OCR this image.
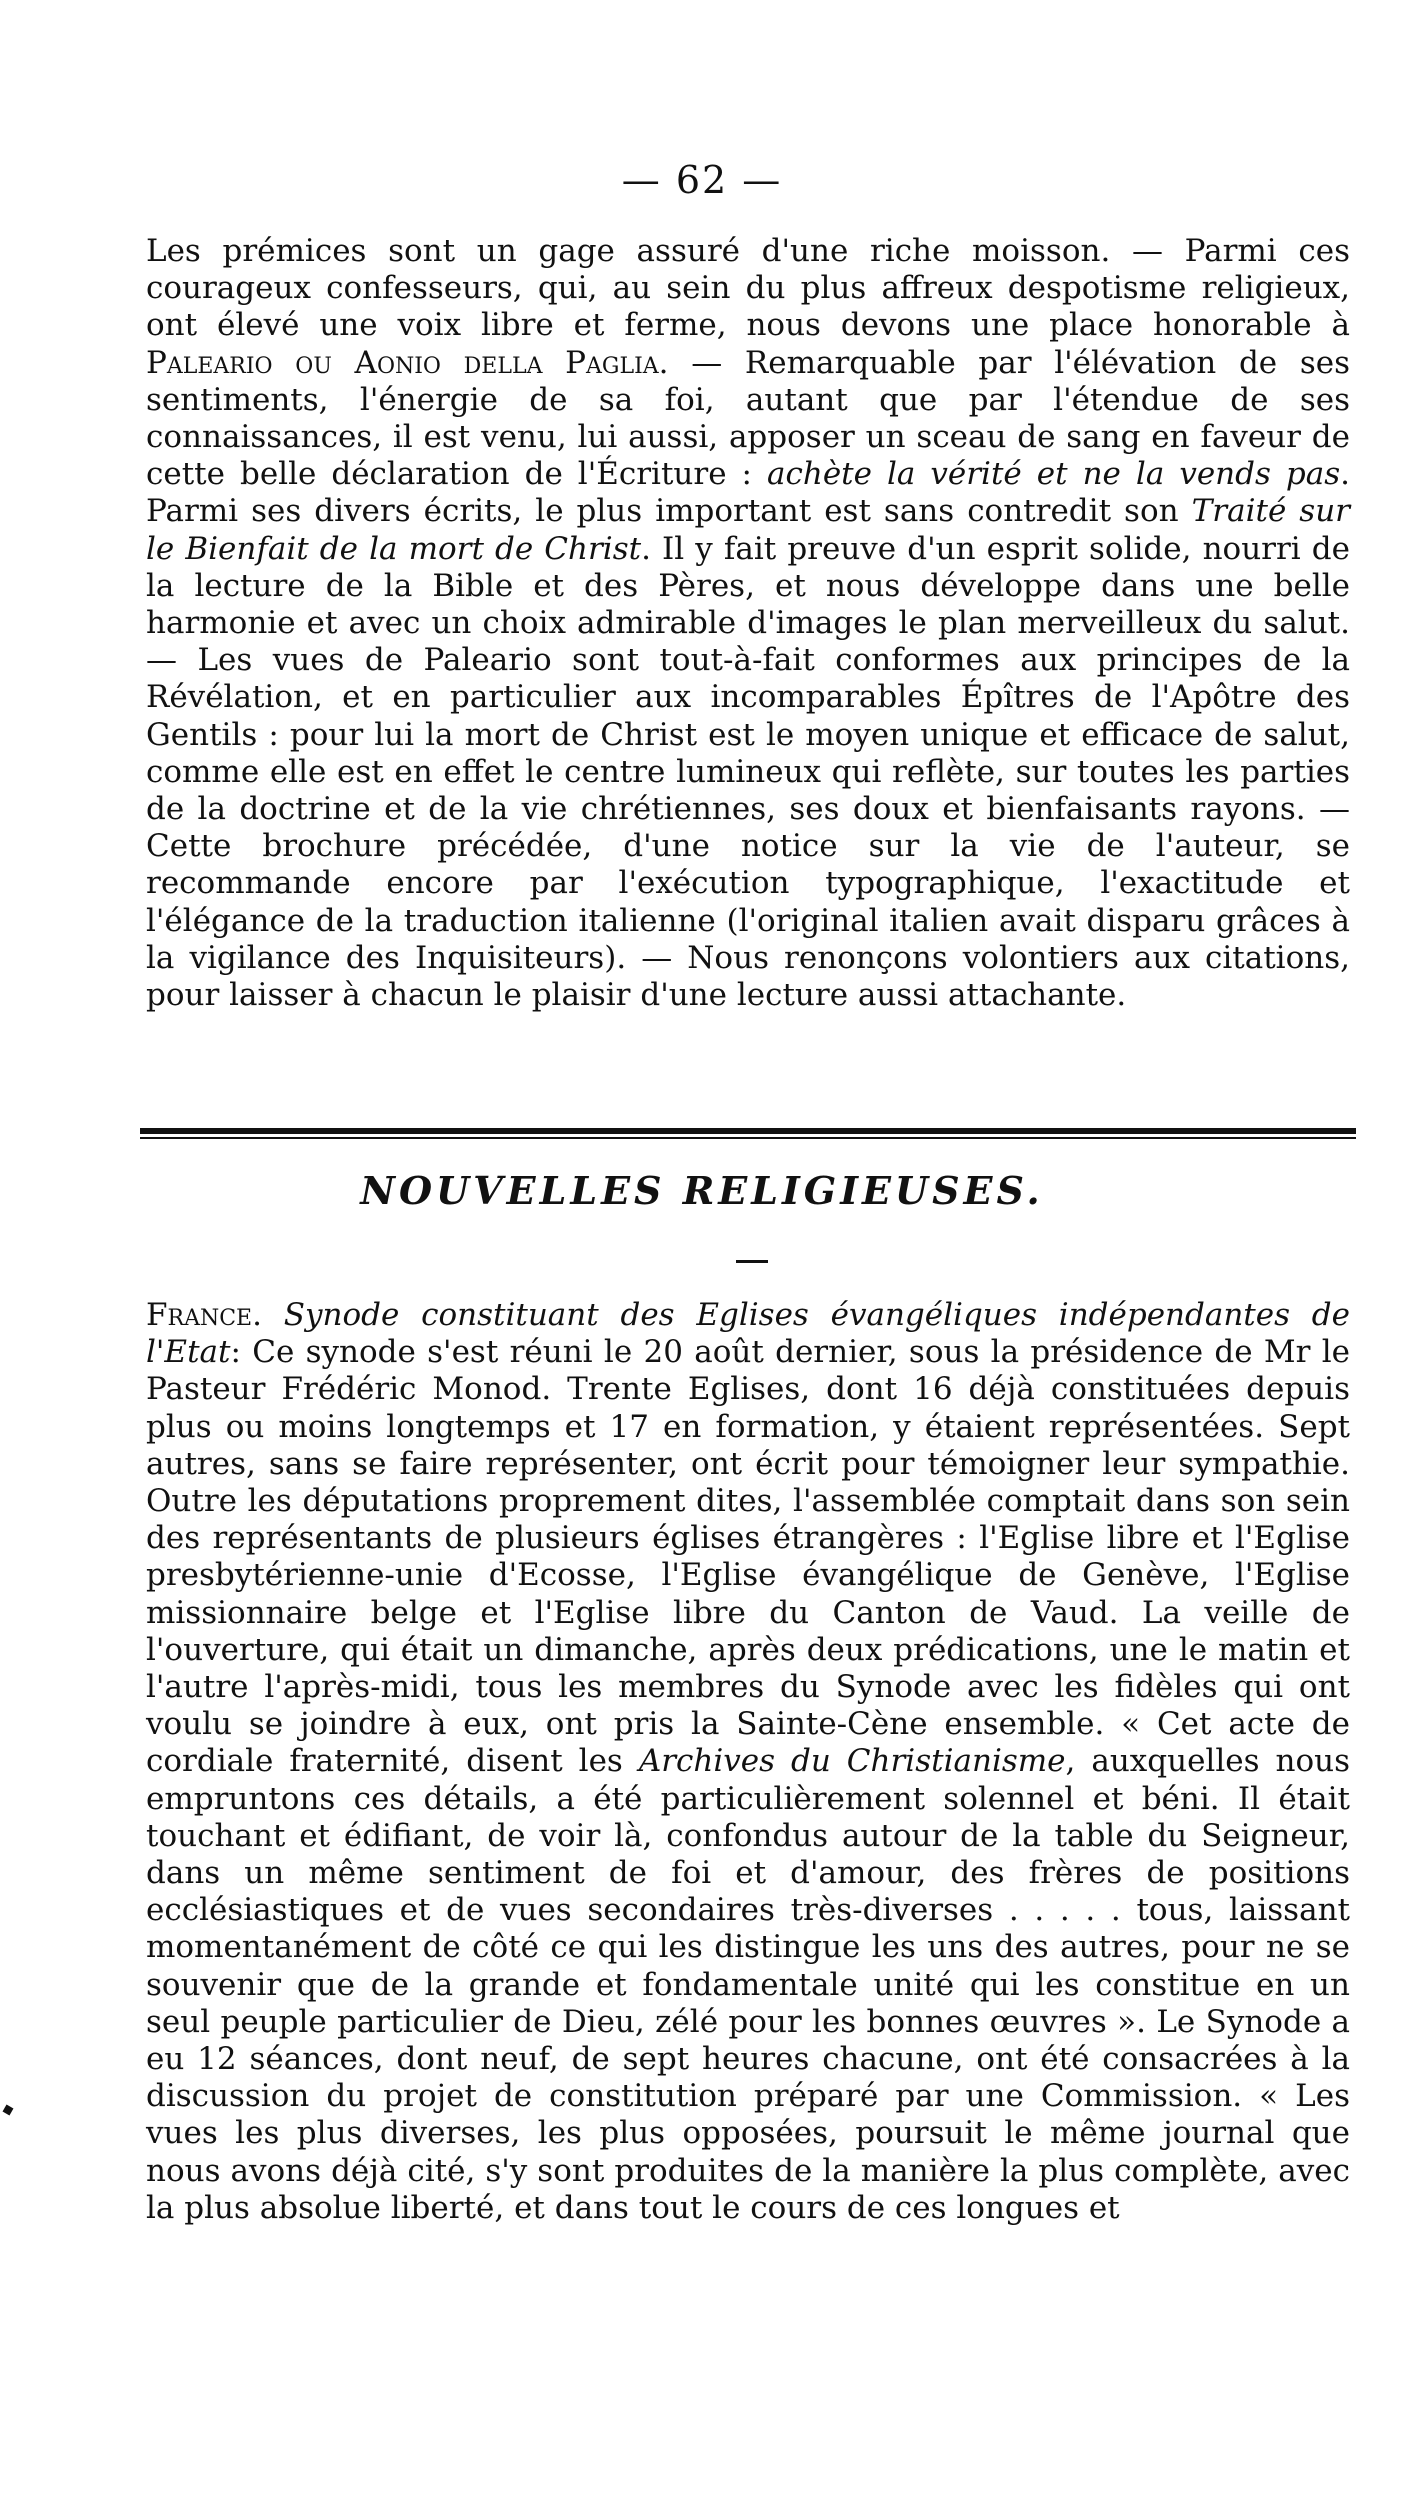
— 62 —

Les prémices sont un gage assuré d'une riche moisson. — Parmi ces courageux confesseurs, qui, au sein du plus affreux despotisme religieux, ont élevé une voix libre et ferme, nous devons une place honorable à Paleario ou Aonio della Paglia. — Remarquable par l'élévation de ses sentiments, l'énergie de sa foi, autant que par l'étendue de ses connaissances, il est venu, lui aussi, apposer un sceau de sang en faveur de cette belle déclaration de l'Écriture : achète la vérité et ne la vends pas. Parmi ses divers écrits, le plus important est sans contredit son Traité sur le Bienfait de la mort de Christ. Il y fait preuve d'un esprit solide, nourri de la lecture de la Bible et des Pères, et nous développe dans une belle harmonie et avec un choix admirable d'images le plan merveilleux du salut. — Les vues de Paleario sont tout-à-fait conformes aux principes de la Révélation, et en particulier aux incomparables Épîtres de l'Apôtre des Gentils : pour lui la mort de Christ est le moyen unique et efficace de salut, comme elle est en effet le centre lumineux qui reflète, sur toutes les parties de la doctrine et de la vie chrétiennes, ses doux et bienfaisants rayons. — Cette brochure précédée, d'une notice sur la vie de l'auteur, se recommande encore par l'exécution typographique, l'exactitude et l'élégance de la traduction italienne (l'original italien avait disparu grâces à la vigilance des Inquisiteurs). — Nous renonçons volontiers aux citations, pour laisser à chacun le plaisir d'une lecture aussi attachante.

NOUVELLES RELIGIEUSES.

France. Synode constituant des Eglises évangéliques indépendantes de l'Etat: Ce synode s'est réuni le 20 août dernier, sous la présidence de Mr le Pasteur Frédéric Monod. Trente Eglises, dont 16 déjà constituées depuis plus ou moins longtemps et 17 en formation, y étaient représentées. Sept autres, sans se faire représenter, ont écrit pour témoigner leur sympathie. Outre les députations proprement dites, l'assemblée comptait dans son sein des représentants de plusieurs églises étrangères : l'Eglise libre et l'Eglise presbytérienne-unie d'Ecosse, l'Eglise évangélique de Genève, l'Eglise missionnaire belge et l'Eglise libre du Canton de Vaud. La veille de l'ouverture, qui était un dimanche, après deux prédications, une le matin et l'autre l'après-midi, tous les membres du Synode avec les fidèles qui ont voulu se joindre à eux, ont pris la Sainte-Cène ensemble. « Cet acte de cordiale fraternité, disent les Archives du Christianisme, auxquelles nous empruntons ces détails, a été particulièrement solennel et béni. Il était touchant et édifiant, de voir là, confondus autour de la table du Seigneur, dans un même sentiment de foi et d'amour, des frères de positions ecclésiastiques et de vues secondaires très-diverses . . . . . tous, laissant momentanément de côté ce qui les distingue les uns des autres, pour ne se souvenir que de la grande et fondamentale unité qui les constitue en un seul peuple particulier de Dieu, zélé pour les bonnes œuvres ». Le Synode a eu 12 séances, dont neuf, de sept heures chacune, ont été consacrées à la discussion du projet de constitution préparé par une Commission. « Les vues les plus diverses, les plus opposées, poursuit le même journal que nous avons déjà cité, s'y sont produites de la manière la plus complète, avec la plus absolue liberté, et dans tout le cours de ces longues et
